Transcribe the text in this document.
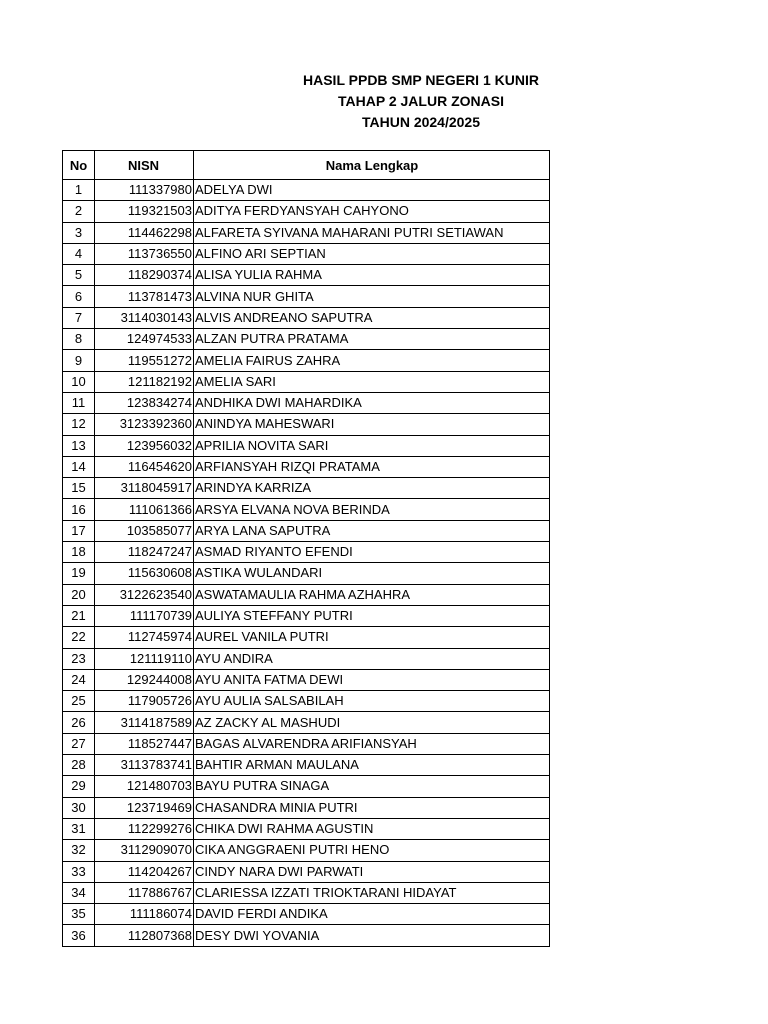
HASIL PPDB SMP NEGERI 1 KUNIR
TAHAP 2 JALUR ZONASI
TAHUN 2024/2025
No	NISN	Nama Lengkap
1	111337980	ADELYA DWI
2	119321503	ADITYA FERDYANSYAH CAHYONO
3	114462298	ALFARETA SYIVANA MAHARANI PUTRI SETIAWAN
4	113736550	ALFINO ARI SEPTIAN
5	118290374	ALISA YULIA RAHMA
6	113781473	ALVINA NUR GHITA
7	3114030143	ALVIS ANDREANO SAPUTRA
8	124974533	ALZAN PUTRA PRATAMA
9	119551272	AMELIA FAIRUS ZAHRA
10	121182192	AMELIA SARI
11	123834274	ANDHIKA DWI MAHARDIKA
12	3123392360	ANINDYA MAHESWARI
13	123956032	APRILIA NOVITA SARI
14	116454620	ARFIANSYAH RIZQI PRATAMA
15	3118045917	ARINDYA KARRIZA
16	111061366	ARSYA ELVANA NOVA BERINDA
17	103585077	ARYA LANA SAPUTRA
18	118247247	ASMAD RIYANTO EFENDI
19	115630608	ASTIKA WULANDARI
20	3122623540	ASWATAMAULIA RAHMA AZHAHRA
21	111170739	AULIYA STEFFANY PUTRI
22	112745974	AUREL VANILA PUTRI
23	121119110	AYU ANDIRA
24	129244008	AYU ANITA FATMA DEWI
25	117905726	AYU AULIA SALSABILAH
26	3114187589	AZ ZACKY AL MASHUDI
27	118527447	BAGAS ALVARENDRA ARIFIANSYAH
28	3113783741	BAHTIR ARMAN MAULANA
29	121480703	BAYU PUTRA SINAGA
30	123719469	CHASANDRA MINIA PUTRI
31	112299276	CHIKA DWI RAHMA AGUSTIN
32	3112909070	CIKA ANGGRAENI PUTRI HENO
33	114204267	CINDY NARA DWI PARWATI
34	117886767	CLARIESSA IZZATI TRIOKTARANI HIDAYAT
35	111186074	DAVID FERDI ANDIKA
36	112807368	DESY DWI YOVANIA
